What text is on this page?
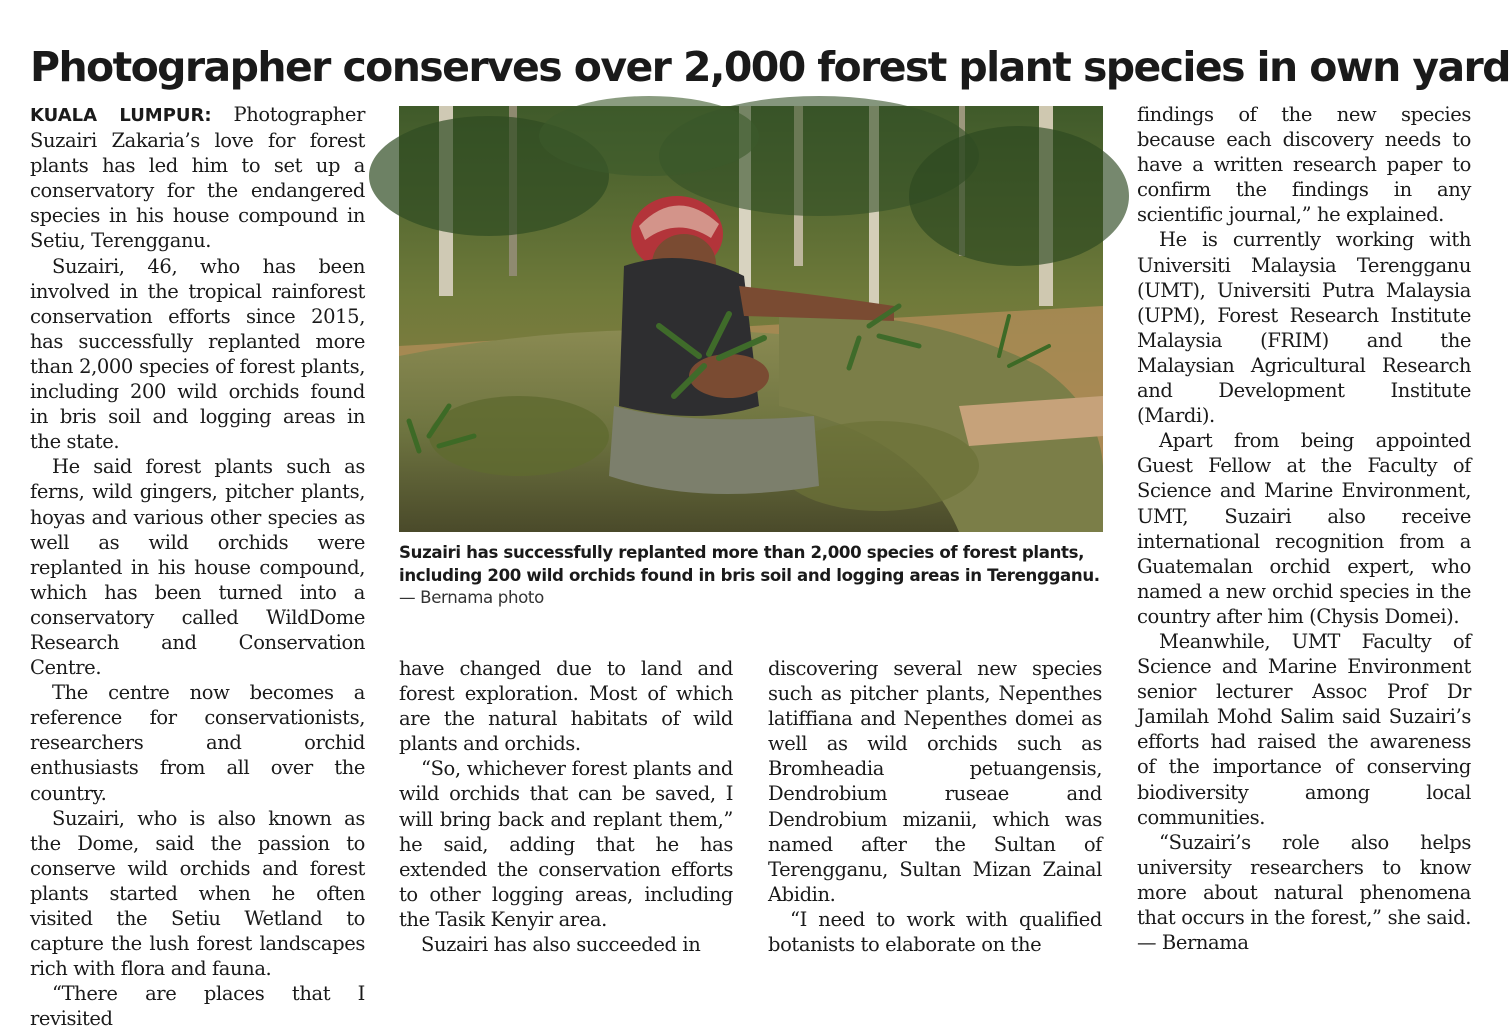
Photographer conserves over 2,000 forest plant species in own yard

KUALA LUMPUR: Photographer Suzairi Zakaria’s love for forest plants has led him to set up a conservatory for the endangered species in his house compound in Setiu, Terengganu.

Suzairi, 46, who has been involved in the tropical rainforest conservation efforts since 2015, has successfully replanted more than 2,000 species of forest plants, including 200 wild orchids found in bris soil and logging areas in the state.

He said forest plants such as ferns, wild gingers, pitcher plants, hoyas and various other species as well as wild orchids were replanted in his house compound, which has been turned into a conservatory called WildDome Research and Conservation Centre.

The centre now becomes a reference for conservationists, researchers and orchid enthusiasts from all over the country.

Suzairi, who is also known as the Dome, said the passion to conserve wild orchids and forest plants started when he often visited the Setiu Wetland to capture the lush forest landscapes rich with flora and fauna.

“There are places that I revisited

Suzairi has successfully replanted more than 2,000 species of forest plants, including 200 wild orchids found in bris soil and logging areas in Terengganu.
— Bernama photo

have changed due to land and forest exploration. Most of which are the natural habitats of wild plants and orchids.

“So, whichever forest plants and wild orchids that can be saved, I will bring back and replant them,” he said, adding that he has extended the conservation efforts to other logging areas, including the Tasik Kenyir area.

Suzairi has also succeeded in

discovering several new species such as pitcher plants, Nepenthes latiffiana and Nepenthes domei as well as wild orchids such as Bromheadia petuangensis, Dendrobium ruseae and Dendrobium mizanii, which was named after the Sultan of Terengganu, Sultan Mizan Zainal Abidin.

“I need to work with qualified botanists to elaborate on the

findings of the new species because each discovery needs to have a written research paper to confirm the findings in any scientific journal,” he explained.

He is currently working with Universiti Malaysia Terengganu (UMT), Universiti Putra Malaysia (UPM), Forest Research Institute Malaysia (FRIM) and the Malaysian Agricultural Research and Development Institute (Mardi).

Apart from being appointed Guest Fellow at the Faculty of Science and Marine Environment, UMT, Suzairi also receive international recognition from a Guatemalan orchid expert, who named a new orchid species in the country after him (Chysis Domei).

Meanwhile, UMT Faculty of Science and Marine Environment senior lecturer Assoc Prof Dr Jamilah Mohd Salim said Suzairi’s efforts had raised the awareness of the importance of conserving biodiversity among local communities.

“Suzairi’s role also helps university researchers to know more about natural phenomena that occurs in the forest,” she said. — Bernama
